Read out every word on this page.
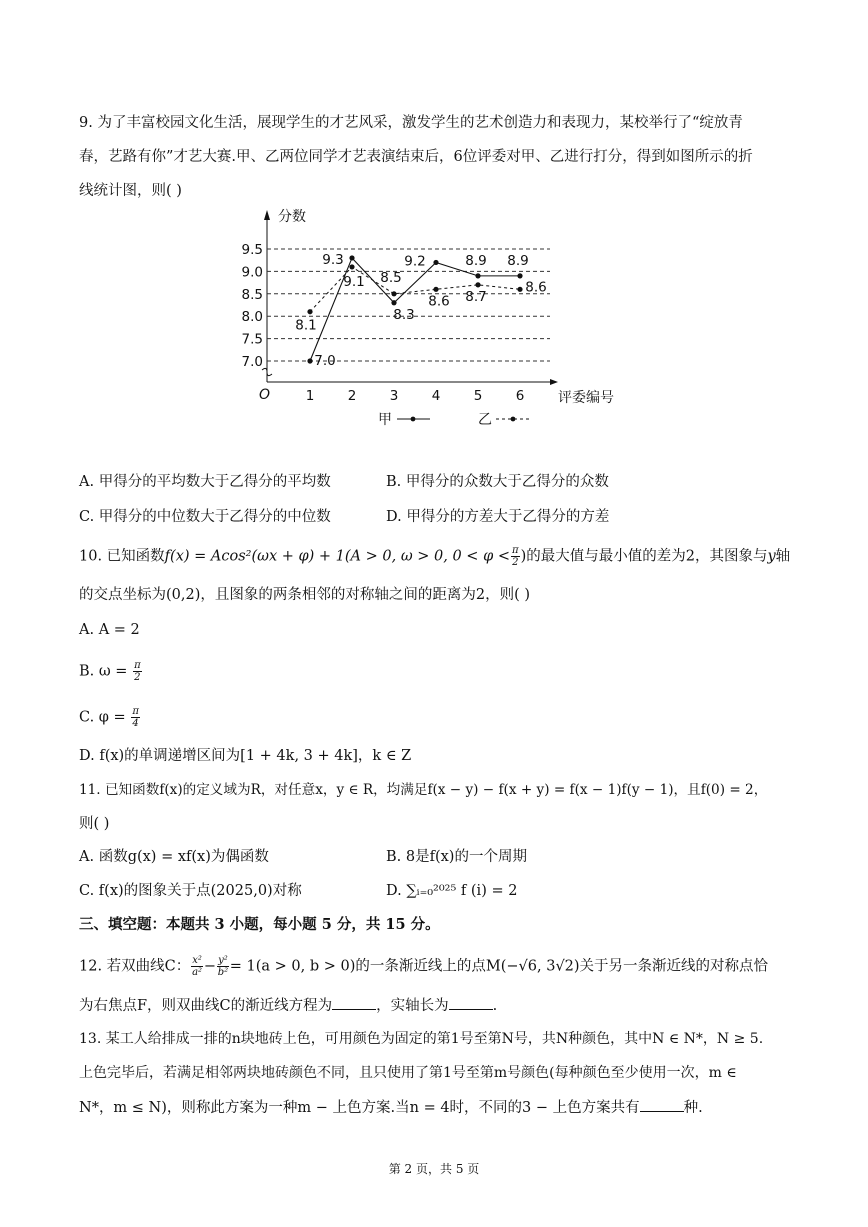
9. 为了丰富校园文化生活，展现学生的才艺风采，激发学生的艺术创造力和表现力，某校举行了“绽放青
春，艺路有你”才艺大赛.甲、乙两位同学才艺表演结束后，6位评委对甲、乙进行打分，得到如图所示的折
线统计图，则( )
分数
评委编号
O
7.0
7.5
8.0
8.5
9.0
9.5
1 2 3 4 5 6
甲	乙
7.0
9.3
8.3
9.2	8.9 8.9
8.1
9.1 8.5
8.6 8.7
8.6
A. 甲得分的平均数大于乙得分的平均数	B. 甲得分的众数大于乙得分的众数
C. 甲得分的中位数大于乙得分的中位数	D. 甲得分的方差大于乙得分的方差
10. 已知函数f(x) = Acos²(ωx + φ) + 1(A > 0, ω > 0, $0 < \varphi < \frac{\pi}{2}$ )的最大值与最小值的差为2，其图象与y轴
的交点坐标为(0,2)，且图象的两条相邻的对称轴之间的距离为2，则( )
A. A = 2
B. $\omega = \frac{\pi}{2}$
C. $\varphi = \frac{\pi}{4}$
D. f(x)的单调递增区间为[1 + 4k, 3 + 4k]，k ∈ Z
11. 已知函数f(x)的定义域为R，对任意x，y ∈ R，均满足f(x − y) − f(x + y) = f(x − 1)f(y − 1)，且f(0) = 2，
则( )
A. 函数g(x) = xf(x)为偶函数	B. 8是f(x)的一个周期
C. f(x)的图象关于点(2025,0)对称	D. ∑ᵢ₌₀²⁰²⁵ f (i) = 2
三、填空题：本题共 3 小题，每小题 5 分，共 15 分。
12. 若双曲线C： $\frac{\text{x²}}{\text{a²}} - \frac{\text{y²}}{\text{b²}} = 1(a > 0$, b > 0)的一条渐近线上的点M(−√6, 3√2)关于另一条渐近线的对称点恰
为右焦点F，则双曲线C的渐近线方程为	，实轴长为	.
13. 某工人给排成一排的n块地砖上色，可用颜色为固定的第1号至第N号，共N种颜色，其中N ∈ N*，N ≥ 5.
上色完毕后，若满足相邻两块地砖颜色不同，且只使用了第1号至第m号颜色(每种颜色至少使用一次，m ∈
N*，m ≤ N)，则称此方案为一种m − 上色方案.当n = 4时，不同的3 − 上色方案共有	种.
第 2 页，共 5 页
